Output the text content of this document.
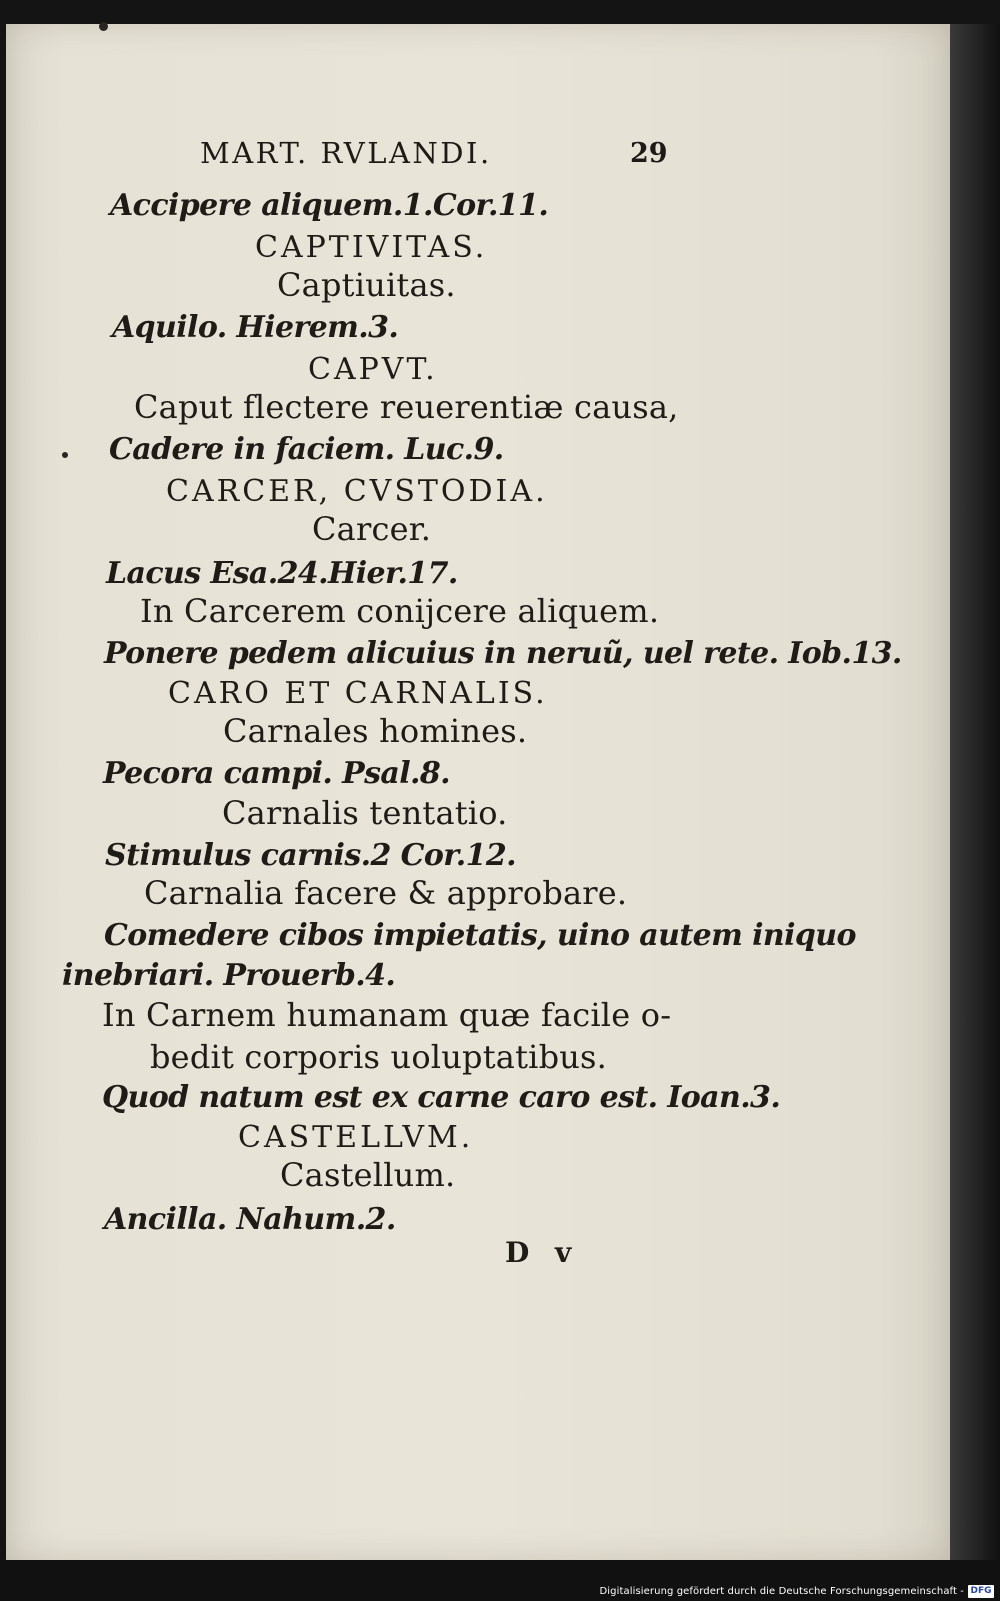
MART. RVLANDI.	29
Accipere aliquem.1.Cor.11.
CAPTIVITAS.
Captiuitas.
Aquilo. Hierem.3.
CAPVT.
Caput flectere reuerentiæ causa,
Cadere in faciem. Luc.9.
CARCER, CVSTODIA.
Carcer.
Lacus Esa.24.Hier.17.
In Carcerem conijcere aliquem.
Ponere pedem alicuius in neruũ, uel rete. Iob.13.
CARO ET CARNALIS.
Carnales homines.
Pecora campi. Psal.8.
Carnalis tentatio.
Stimulus carnis.2 Cor.12.
Carnalia facere & approbare.
Comedere cibos impietatis, uino autem iniquo
inebriari. Prouerb.4.
In Carnem humanam quæ facile o-
bedit corporis uoluptatibus.
Quod natum est ex carne caro est. Ioan.3.
CASTELLVM.
Castellum.
Ancilla. Nahum.2.
D v
Digitalisierung gefördert durch die Deutsche Forschungsgemeinschaft - DFG
